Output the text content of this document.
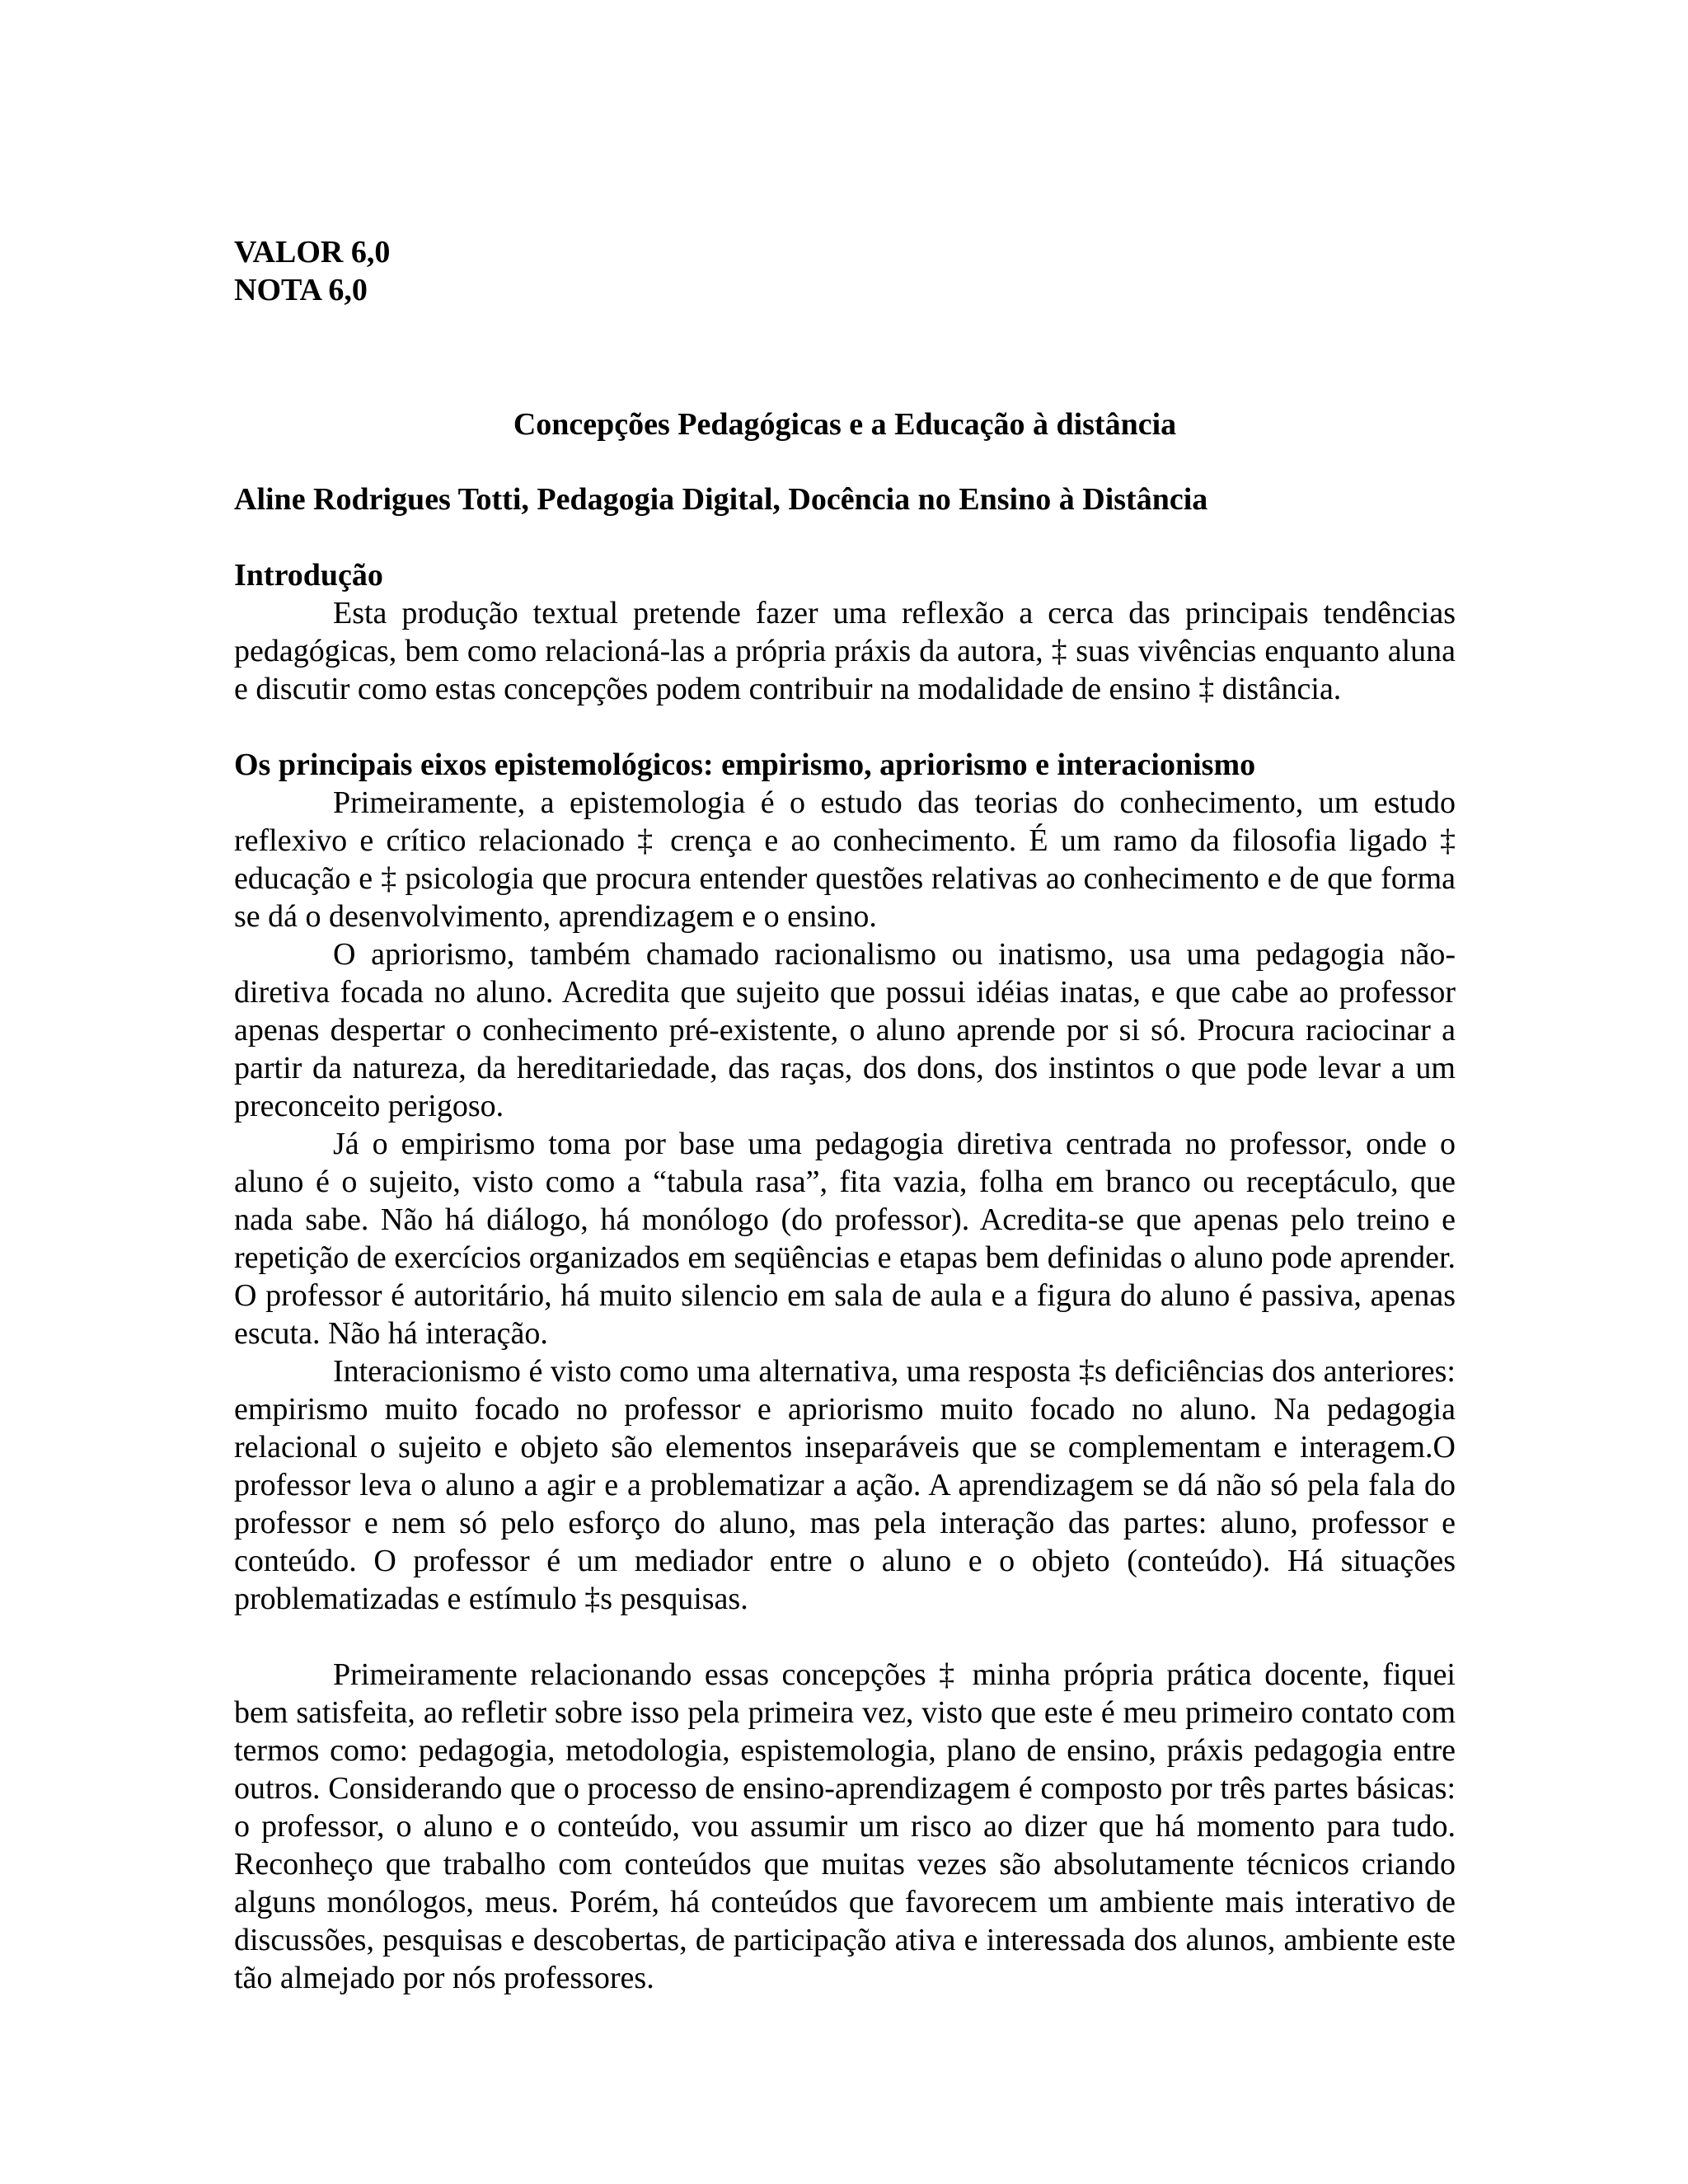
VALOR 6,0
NOTA 6,0
Concepções Pedagógicas e a Educação à distância
Aline Rodrigues Totti, Pedagogia Digital, Docência no Ensino à Distância
Introdução

Esta produção textual pretende fazer uma reflexão a cerca das principais tendências pedagógicas, bem como relacioná-las a própria práxis da autora, ‡ suas vivências enquanto aluna e discutir como estas concepções podem contribuir na modalidade de ensino ‡ distância.

Os principais eixos epistemológicos: empirismo, apriorismo e interacionismo

Primeiramente, a epistemologia é o estudo das teorias do conhecimento, um estudo reflexivo e crítico relacionado ‡ crença e ao conhecimento. É um ramo da filosofia ligado ‡ educação e ‡ psicologia que procura entender questões relativas ao conhecimento e de que forma se dá o desenvolvimento, aprendizagem e o ensino.

O apriorismo, também chamado racionalismo ou inatismo, usa uma pedagogia não-diretiva focada no aluno. Acredita que sujeito que possui idéias inatas, e que cabe ao professor apenas despertar o conhecimento pré-existente, o aluno aprende por si só. Procura raciocinar a partir da natureza, da hereditariedade, das raças, dos dons, dos instintos o que pode levar a um preconceito perigoso.

Já o empirismo toma por base uma pedagogia diretiva centrada no professor, onde o aluno é o sujeito, visto como a “tabula rasa”, fita vazia, folha em branco ou receptáculo, que nada sabe. Não há diálogo, há monólogo (do professor). Acredita-se que apenas pelo treino e repetição de exercícios organizados em seqüências e etapas bem definidas o aluno pode aprender. O professor é autoritário, há muito silencio em sala de aula e a figura do aluno é passiva, apenas escuta. Não há interação.

Interacionismo é visto como uma alternativa, uma resposta ‡s deficiências dos anteriores: empirismo muito focado no professor e apriorismo muito focado no aluno. Na pedagogia relacional o sujeito e objeto são elementos inseparáveis que se complementam e interagem.O professor leva o aluno a agir e a problematizar a ação. A aprendizagem se dá não só pela fala do professor e nem só pelo esforço do aluno, mas pela interação das partes: aluno, professor e conteúdo. O professor é um mediador entre o aluno e o objeto (conteúdo). Há situações problematizadas e estímulo ‡s pesquisas.

Primeiramente relacionando essas concepções ‡ minha própria prática docente, fiquei bem satisfeita, ao refletir sobre isso pela primeira vez, visto que este é meu primeiro contato com termos como: pedagogia, metodologia, espistemologia, plano de ensino, práxis pedagogia entre outros. Considerando que o processo de ensino-aprendizagem é composto por três partes básicas: o professor, o aluno e o conteúdo, vou assumir um risco ao dizer que há momento para tudo. Reconheço que trabalho com conteúdos que muitas vezes são absolutamente técnicos criando alguns monólogos, meus. Porém, há conteúdos que favorecem um ambiente mais interativo de discussões, pesquisas e descobertas, de participação ativa e interessada dos alunos, ambiente este tão almejado por nós professores.
